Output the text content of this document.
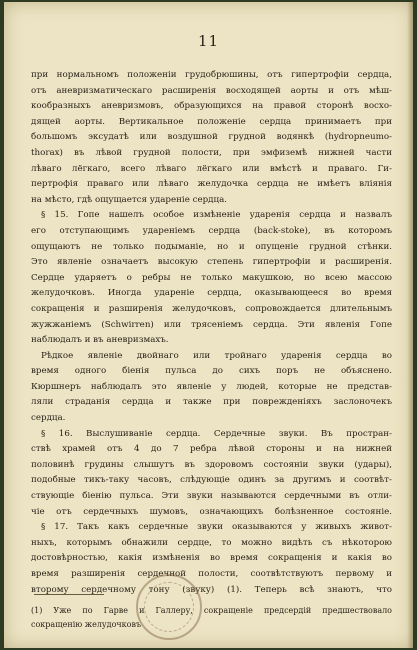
11
при нормальномъ положенiи грудобрюшины, отъ гипертрофiи сердца,
отъ аневризматическаго расширенiя восходящей аорты и отъ мѣш-
кообразныхъ аневризмовъ, образующихся на правой сторонѣ восхо-
дящей аорты. Вертикальное положенiе сердца принимаетъ при
большомъ эксудатѣ или воздушной грудной водянкѣ (hydropneumo-
thorax) въ лѣвой грудной полости, при эмфиземѣ нижней части
лѣваго лёгкаго, всего лѣваго лёгкаго или вмѣстѣ и праваго. Ги-
пертрофiя праваго или лѣваго желудочка сердца не имѣетъ влiянiя
на мѣсто, гдѣ ощущается удареніе сердца.
§ 15. Гопе нашелъ особое измѣненіе ударенія сердца и назвалъ
его отступающимъ ударенiемъ сердца (back-stoke), въ которомъ
ощущаютъ не только подыманiе, но и опущенiе грудной стѣнки.
Это явленiе означаетъ высокую степень гипертрофiи и расширенiя.
Сердце ударяетъ о ребры не только макушкою, но всею массою
желудочковъ. Иногда удареніе сердца, оказывающееся во время
сокращенiя и разширенiя желудочковъ, сопровождается длительнымъ
жужжанiемъ (Schwirren) или трясенiемъ сердца. Эти явленiя Гопе
наблюдалъ и въ аневризмахъ.
Рѣдкое явленiе двойнаго или тройнаго ударенія сердца во
время одного бiенiя пульса до сихъ поръ не объяснено.
Кюршнеръ наблюдалъ это явленiе у людей, которые не представ-
ляли страданiя сердца и также при поврежденiяхъ заслоночекъ
сердца.
§ 16. Выслушиванiе сердца. Сердечные звуки. Въ простран-
ствѣ храмей отъ 4 до 7 ребра лѣвой стороны и на нижней
половинѣ грудины слышутъ въ здоровомъ состоянiи звуки (удары),
подобные тикъ-таку часовъ, слѣдующiе одинъ за другимъ и соотвѣт-
ствующiе бiенiю пульса. Эти звуки называются сердечными въ отли-
чiе отъ сердечныхъ шумовъ, означающихъ болѣзненное состоянiе.
§ 17. Такъ какъ сердечные звуки оказываются у живыхъ живот-
ныхъ, которымъ обнажили сердце, то можно видѣть съ нѣкоторою
достовѣрностью, какiя измѣненiя во время сокращенiя и какiя во
время разширенiя сердечной полости, соотвѣтствуютъ первому и
второму сердечному тону (звуку) (1). Теперь всѣ знаютъ, что
(1) Уже по Гарве и Галлеру, сокращенiе предсердiй предшествовало
сокращенiю желудочковъ
